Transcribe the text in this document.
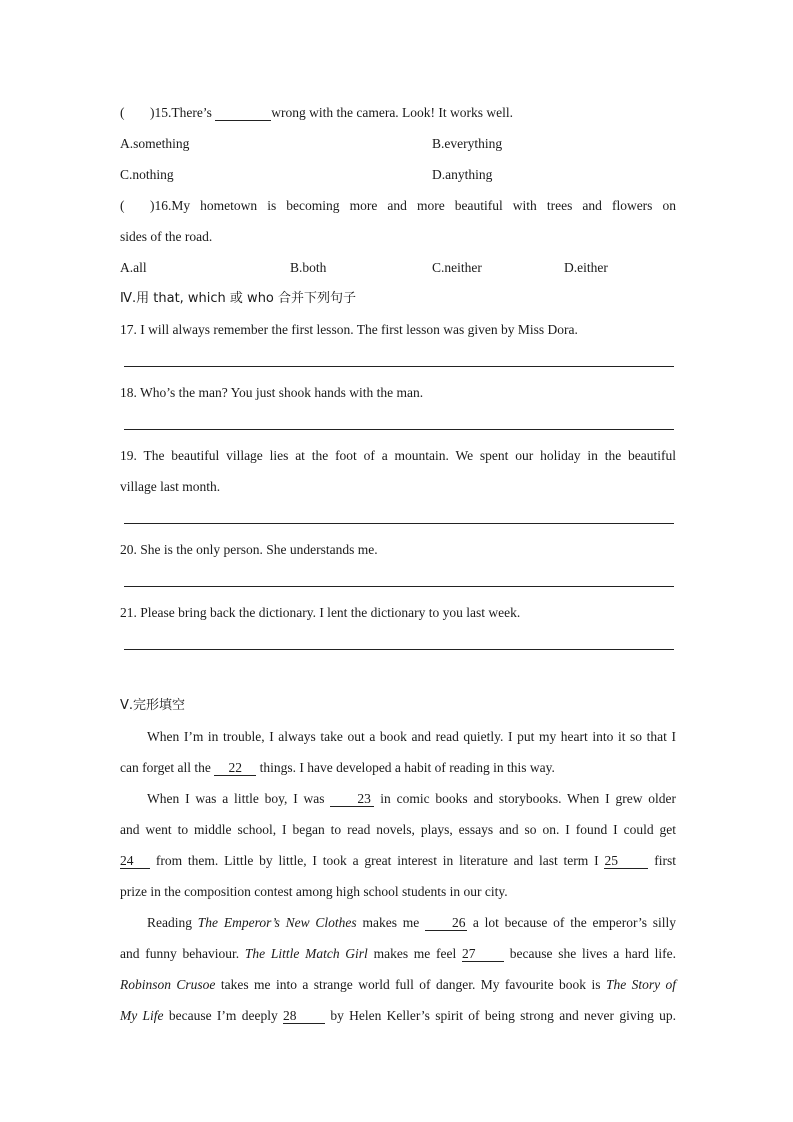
( )15.There’s	wrong with the camera. Look! It works well.
A.something	B.everything
C.nothing	D.anything
( )16.My hometown is becoming more and more beautiful with trees and flowers on
sides of the road.
A.all	B.both	C.neither	D.either
Ⅳ.用 that, which 或 who 合并下列句子
17. I will always remember the first lesson. The first lesson was given by Miss Dora.
18. Who’s the man? You just shook hands with the man.
19. The beautiful village lies at the foot of a mountain. We spent our holiday in the beautiful
village last month.
20. She is the only person. She understands me.
21. Please bring back the dictionary. I lent the dictionary to you last week.
Ⅴ.完形填空
When I’m in trouble, I always take out a book and read quietly. I put my heart into it so that I
can forget all the 22 things. I have developed a habit of reading in this way.
When I was a little boy, I was 23 in comic books and storybooks. When I grew older
and went to middle school, I began to read novels, plays, essays and so on. I found I could get
24 from them. Little by little, I took a great interest in literature and last term I 25	first
prize in the composition contest among high school students in our city.
Reading The Emperor’s New Clothes makes me 26 a lot because of the emperor’s silly
and funny behaviour. The Little Match Girl makes me feel 27	because she lives a hard life.
Robinson Crusoe takes me into a strange world full of danger. My favourite book is The Story of
My Life because I’m deeply 28	by Helen Keller’s spirit of being strong and never giving up.
